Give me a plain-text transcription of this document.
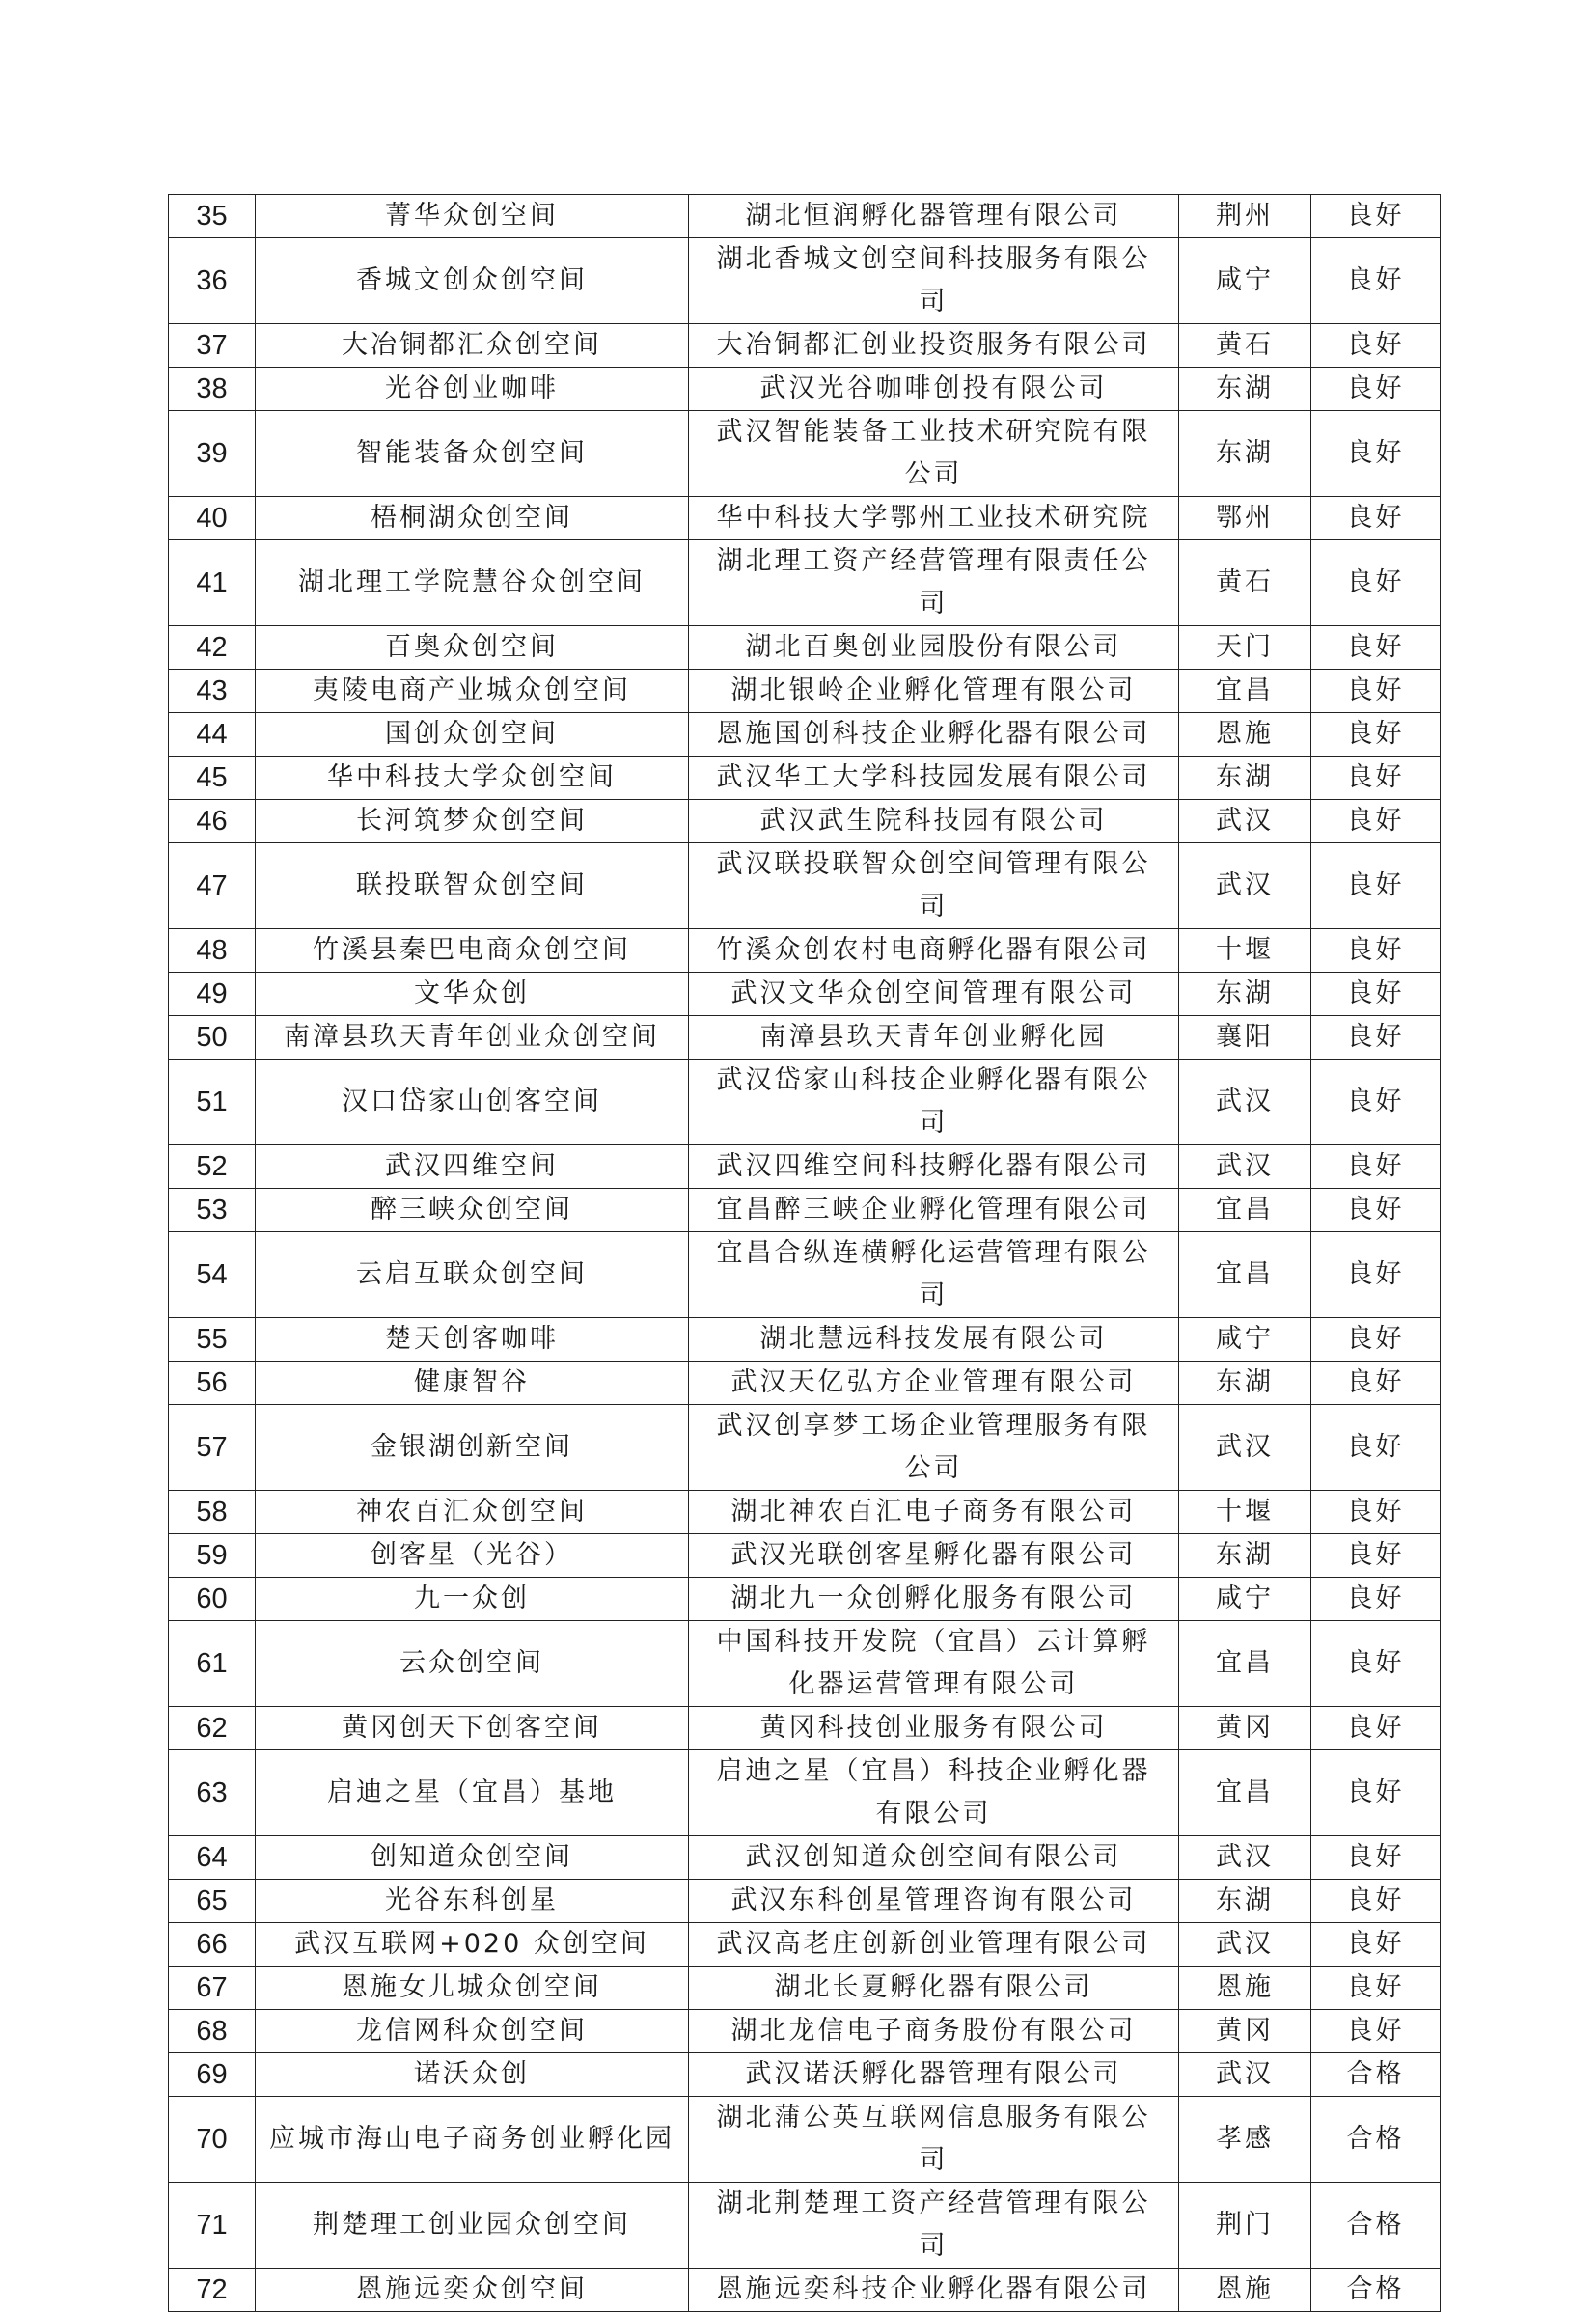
35	菁华众创空间	湖北恒润孵化器管理有限公司	荆州	良好
36	香城文创众创空间	湖北香城文创空间科技服务有限公司	咸宁	良好
37	大冶铜都汇众创空间	大冶铜都汇创业投资服务有限公司	黄石	良好
38	光谷创业咖啡	武汉光谷咖啡创投有限公司	东湖	良好
39	智能装备众创空间	武汉智能装备工业技术研究院有限公司	东湖	良好
40	梧桐湖众创空间	华中科技大学鄂州工业技术研究院	鄂州	良好
41	湖北理工学院慧谷众创空间	湖北理工资产经营管理有限责任公司	黄石	良好
42	百奥众创空间	湖北百奥创业园股份有限公司	天门	良好
43	夷陵电商产业城众创空间	湖北银岭企业孵化管理有限公司	宜昌	良好
44	国创众创空间	恩施国创科技企业孵化器有限公司	恩施	良好
45	华中科技大学众创空间	武汉华工大学科技园发展有限公司	东湖	良好
46	长河筑梦众创空间	武汉武生院科技园有限公司	武汉	良好
47	联投联智众创空间	武汉联投联智众创空间管理有限公司	武汉	良好
48	竹溪县秦巴电商众创空间	竹溪众创农村电商孵化器有限公司	十堰	良好
49	文华众创	武汉文华众创空间管理有限公司	东湖	良好
50	南漳县玖天青年创业众创空间	南漳县玖天青年创业孵化园	襄阳	良好
51	汉口岱家山创客空间	武汉岱家山科技企业孵化器有限公司	武汉	良好
52	武汉四维空间	武汉四维空间科技孵化器有限公司	武汉	良好
53	醉三峡众创空间	宜昌醉三峡企业孵化管理有限公司	宜昌	良好
54	云启互联众创空间	宜昌合纵连横孵化运营管理有限公司	宜昌	良好
55	楚天创客咖啡	湖北慧远科技发展有限公司	咸宁	良好
56	健康智谷	武汉天亿弘方企业管理有限公司	东湖	良好
57	金银湖创新空间	武汉创享梦工场企业管理服务有限公司	武汉	良好
58	神农百汇众创空间	湖北神农百汇电子商务有限公司	十堰	良好
59	创客星（光谷）	武汉光联创客星孵化器有限公司	东湖	良好
60	九一众创	湖北九一众创孵化服务有限公司	咸宁	良好
61	云众创空间	中国科技开发院（宜昌）云计算孵化器运营管理有限公司	宜昌	良好
62	黄冈创天下创客空间	黄冈科技创业服务有限公司	黄冈	良好
63	启迪之星（宜昌）基地	启迪之星（宜昌）科技企业孵化器有限公司	宜昌	良好
64	创知道众创空间	武汉创知道众创空间有限公司	武汉	良好
65	光谷东科创星	武汉东科创星管理咨询有限公司	东湖	良好
66	武汉互联网+020 众创空间	武汉高老庄创新创业管理有限公司	武汉	良好
67	恩施女儿城众创空间	湖北长夏孵化器有限公司	恩施	良好
68	龙信网科众创空间	湖北龙信电子商务股份有限公司	黄冈	良好
69	诺沃众创	武汉诺沃孵化器管理有限公司	武汉	合格
70	应城市海山电子商务创业孵化园	湖北蒲公英互联网信息服务有限公司	孝感	合格
71	荆楚理工创业园众创空间	湖北荆楚理工资产经营管理有限公司	荆门	合格
72	恩施远奕众创空间	恩施远奕科技企业孵化器有限公司	恩施	合格
